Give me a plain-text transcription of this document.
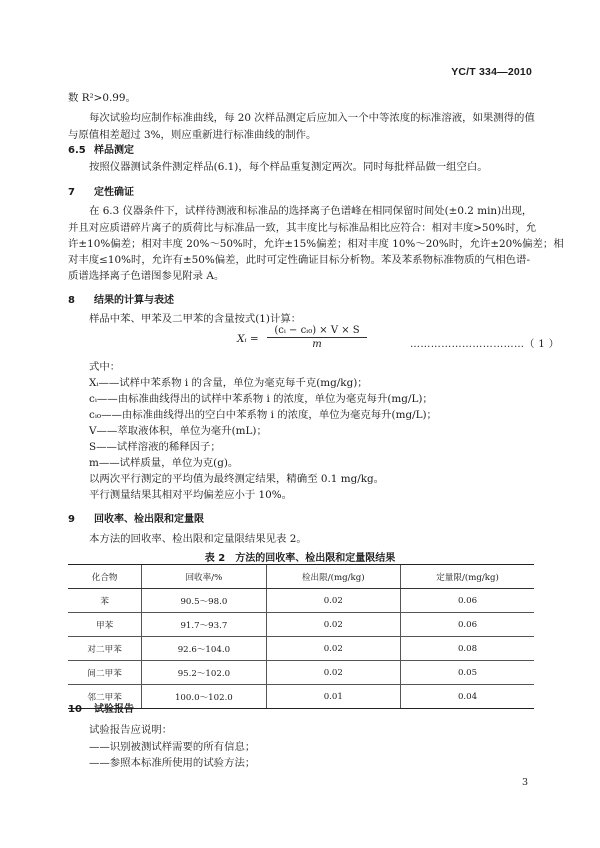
YC/T 334—2010
数 R²>0.99。
每次试验均应制作标准曲线，每 20 次样品测定后应加入一个中等浓度的标准溶液，如果测得的值
与原值相差超过 3%，则应重新进行标准曲线的制作。
6.5 样品测定
按照仪器测试条件测定样品(6.1)，每个样品重复测定两次。同时每批样品做一组空白。
7 定性确证
在 6.3 仪器条件下，试样待测液和标准品的选择离子色谱峰在相同保留时间处(±0.2 min)出现，
并且对应质谱碎片离子的质荷比与标准品一致，其丰度比与标准品相比应符合：相对丰度>50%时，允
许±10%偏差；相对丰度 20%～50%时，允许±15%偏差；相对丰度 10%～20%时，允许±20%偏差；相
对丰度≤10%时，允许有±50%偏差，此时可定性确证目标分析物。苯及苯系物标准物质的气相色谱-
质谱选择离子色谱图参见附录 A。
8 结果的计算与表述
样品中苯、甲苯及二甲苯的含量按式(1)计算：
Xᵢ =
(cᵢ − cᵢ₀) × V × S
m	……………………………（ 1 ）
式中：
Xᵢ——试样中苯系物 i 的含量，单位为毫克每千克(mg/kg)；
cᵢ——由标准曲线得出的试样中苯系物 i 的浓度，单位为毫克每升(mg/L)；
cᵢ₀——由标准曲线得出的空白中苯系物 i 的浓度，单位为毫克每升(mg/L)；
V——萃取液体积，单位为毫升(mL)；
S——试样溶液的稀释因子；
m——试样质量，单位为克(g)。
以两次平行测定的平均值为最终测定结果，精确至 0.1 mg/kg。
平行测量结果其相对平均偏差应小于 10%。
9 回收率、检出限和定量限
本方法的回收率、检出限和定量限结果见表 2。
表 2　方法的回收率、检出限和定量限结果
化合物	回收率/%	检出限/(mg/kg)	定量限/(mg/kg)
苯	90.5～98.0	0.02	0.06
甲苯	91.7～93.7	0.02	0.06
对二甲苯	92.6～104.0	0.02	0.08
间二甲苯	95.2～102.0	0.02	0.05
邻二甲苯	100.0～102.0	0.01	0.04
10 试验报告
试验报告应说明：
——识别被测试样需要的所有信息；
——参照本标准所使用的试验方法；
3
